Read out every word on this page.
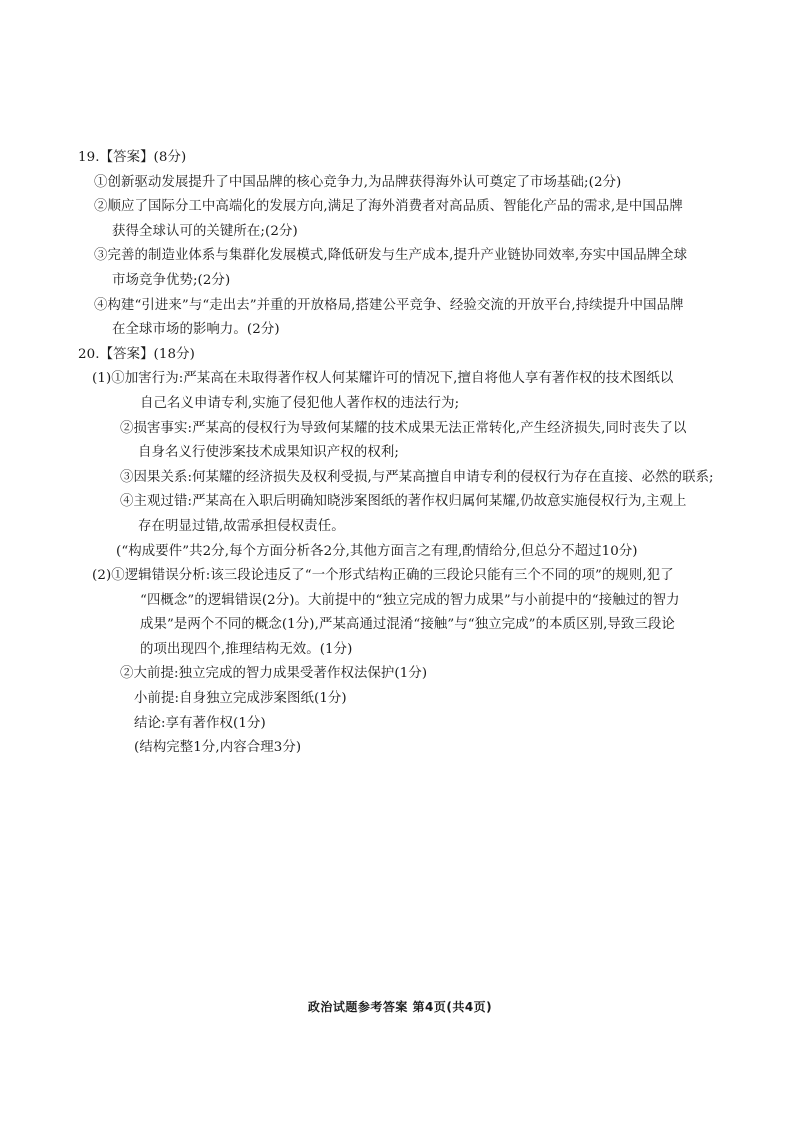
19.【答案】(8分)

①创新驱动发展提升了中国品牌的核心竞争力,为品牌获得海外认可奠定了市场基础;(2分)

②顺应了国际分工中高端化的发展方向,满足了海外消费者对高品质、智能化产品的需求,是中国品牌
获得全球认可的关键所在;(2分)

③完善的制造业体系与集群化发展模式,降低研发与生产成本,提升产业链协同效率,夯实中国品牌全球
市场竞争优势;(2分)

④构建“引进来”与“走出去”并重的开放格局,搭建公平竞争、经验交流的开放平台,持续提升中国品牌
在全球市场的影响力。(2分)

20.【答案】(18分)

(1)①加害行为:严某高在未取得著作权人何某耀许可的情况下,擅自将他人享有著作权的技术图纸以
自己名义申请专利,实施了侵犯他人著作权的违法行为;

②损害事实:严某高的侵权行为导致何某耀的技术成果无法正常转化,产生经济损失,同时丧失了以
自身名义行使涉案技术成果知识产权的权利;

③因果关系:何某耀的经济损失及权利受损,与严某高擅自申请专利的侵权行为存在直接、必然的联系;

④主观过错:严某高在入职后明确知晓涉案图纸的著作权归属何某耀,仍故意实施侵权行为,主观上
存在明显过错,故需承担侵权责任。

(“构成要件”共2分,每个方面分析各2分,其他方面言之有理,酌情给分,但总分不超过10分)

(2)①逻辑错误分析:该三段论违反了“一个形式结构正确的三段论只能有三个不同的项”的规则,犯了
“四概念”的逻辑错误(2分)。大前提中的“独立完成的智力成果”与小前提中的“接触过的智力
成果”是两个不同的概念(1分),严某高通过混淆“接触”与“独立完成”的本质区别,导致三段论
的项出现四个,推理结构无效。(1分)

②大前提:独立完成的智力成果受著作权法保护(1分)

小前提:自身独立完成涉案图纸(1分)

结论:享有著作权(1分)

(结构完整1分,内容合理3分)

政治试题参考答案 第4页(共4页)
